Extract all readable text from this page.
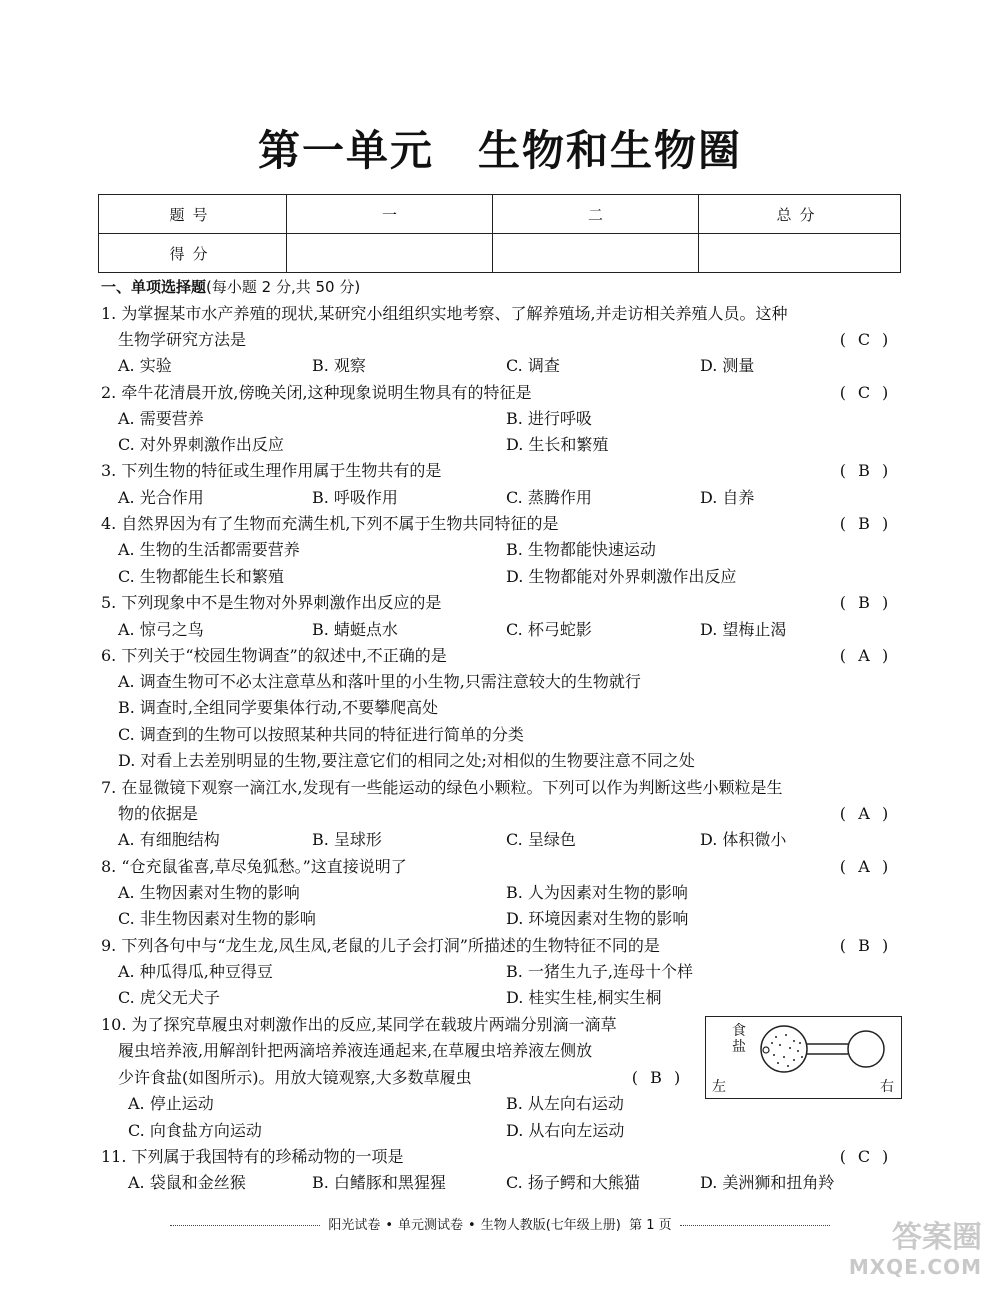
第一单元 生物和生物圈
题号	一	二	总分
得分			
一、单项选择题(每小题 2 分,共 50 分)
1. 为掌握某市水产养殖的现状,某研究小组组织实地考察、了解养殖场,并走访相关养殖人员。这种
生物学研究方法是	( C )
A. 实验	B. 观察	C. 调查	D. 测量
2. 牵牛花清晨开放,傍晚关闭,这种现象说明生物具有的特征是	( C )
A. 需要营养	B. 进行呼吸
C. 对外界刺激作出反应	D. 生长和繁殖
3. 下列生物的特征或生理作用属于生物共有的是	( B )
A. 光合作用	B. 呼吸作用	C. 蒸腾作用	D. 自养
4. 自然界因为有了生物而充满生机,下列不属于生物共同特征的是	( B )
A. 生物的生活都需要营养	B. 生物都能快速运动
C. 生物都能生长和繁殖	D. 生物都能对外界刺激作出反应
5. 下列现象中不是生物对外界刺激作出反应的是	( B )
A. 惊弓之鸟	B. 蜻蜓点水	C. 杯弓蛇影	D. 望梅止渴
6. 下列关于“校园生物调查”的叙述中,不正确的是	( A )
A. 调查生物可不必太注意草丛和落叶里的小生物,只需注意较大的生物就行
B. 调查时,全组同学要集体行动,不要攀爬高处
C. 调查到的生物可以按照某种共同的特征进行简单的分类
D. 对看上去差别明显的生物,要注意它们的相同之处;对相似的生物要注意不同之处
7. 在显微镜下观察一滴江水,发现有一些能运动的绿色小颗粒。下列可以作为判断这些小颗粒是生
物的依据是	( A )
A. 有细胞结构	B. 呈球形	C. 呈绿色	D. 体积微小
8. “仓充鼠雀喜,草尽兔狐愁。”这直接说明了	( A )
A. 生物因素对生物的影响	B. 人为因素对生物的影响
C. 非生物因素对生物的影响	D. 环境因素对生物的影响
9. 下列各句中与“龙生龙,凤生凤,老鼠的儿子会打洞”所描述的生物特征不同的是	( B )
A. 种瓜得瓜,种豆得豆	B. 一猪生九子,连母十个样
C. 虎父无犬子	D. 桂实生桂,桐实生桐
10. 为了探究草履虫对刺激作出的反应,某同学在载玻片两端分别滴一滴草
履虫培养液,用解剖针把两滴培养液连通起来,在草履虫培养液左侧放
少许食盐(如图所示)。用放大镜观察,大多数草履虫	( B )
A. 停止运动	B. 从左向右运动
C. 向食盐方向运动	D. 从右向左运动
食
盐
左	右
11. 下列属于我国特有的珍稀动物的一项是	( C )
A. 袋鼠和金丝猴	B. 白鳍豚和黑猩猩	C. 扬子鳄和大熊猫	D. 美洲狮和扭角羚
阳光试卷 • 单元测试卷 • 生物人教版(七年级上册) 第 1 页	答案圈
MXQE.COM
